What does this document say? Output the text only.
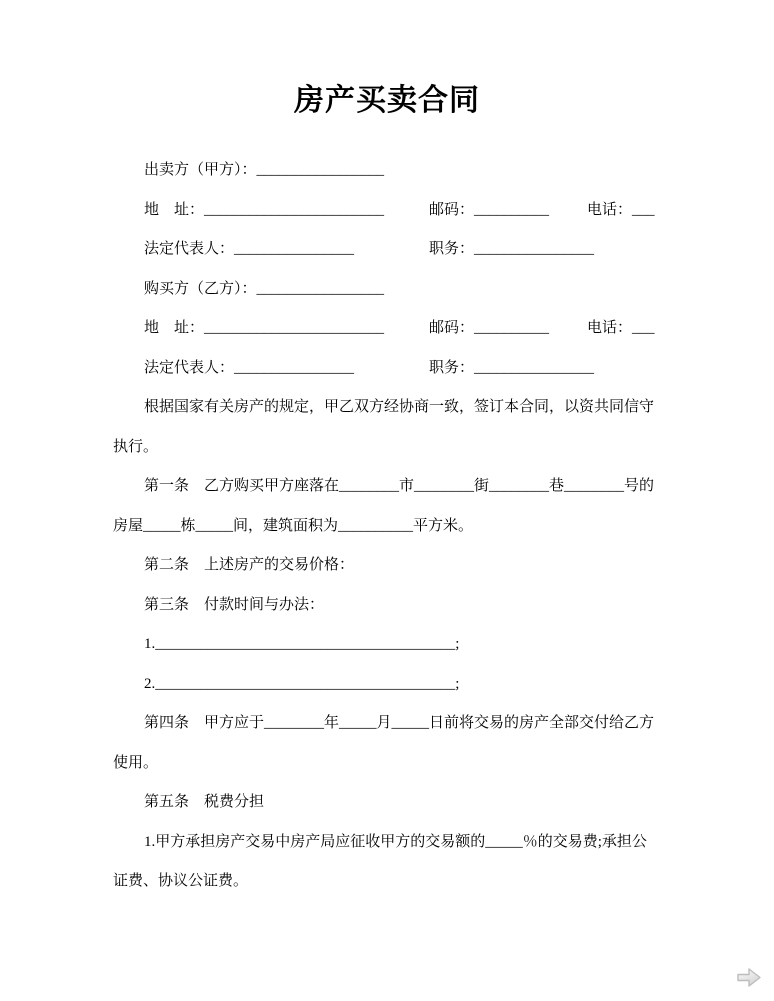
房产买卖合同
出卖方（甲方）：_________________
地　址：________________________	邮码：__________	电话：___
法定代表人：________________	职务：________________
购买方（乙方）：_________________
地　址：________________________	邮码：__________	电话：___
法定代表人：________________	职务：________________
根据国家有关房产的规定，甲乙双方经协商一致，签订本合同，以资共同信守
执行。
第一条　乙方购买甲方座落在________市________街________巷________号的
房屋_____栋_____间，建筑面积为__________平方米。
第二条　上述房产的交易价格：
第三条　付款时间与办法：
1.________________________________________;
2.________________________________________;
第四条　甲方应于________年_____月_____日前将交易的房产全部交付给乙方
使用。
第五条　税费分担
1.甲方承担房产交易中房产局应征收甲方的交易额的_____％的交易费;承担公
证费、协议公证费。
